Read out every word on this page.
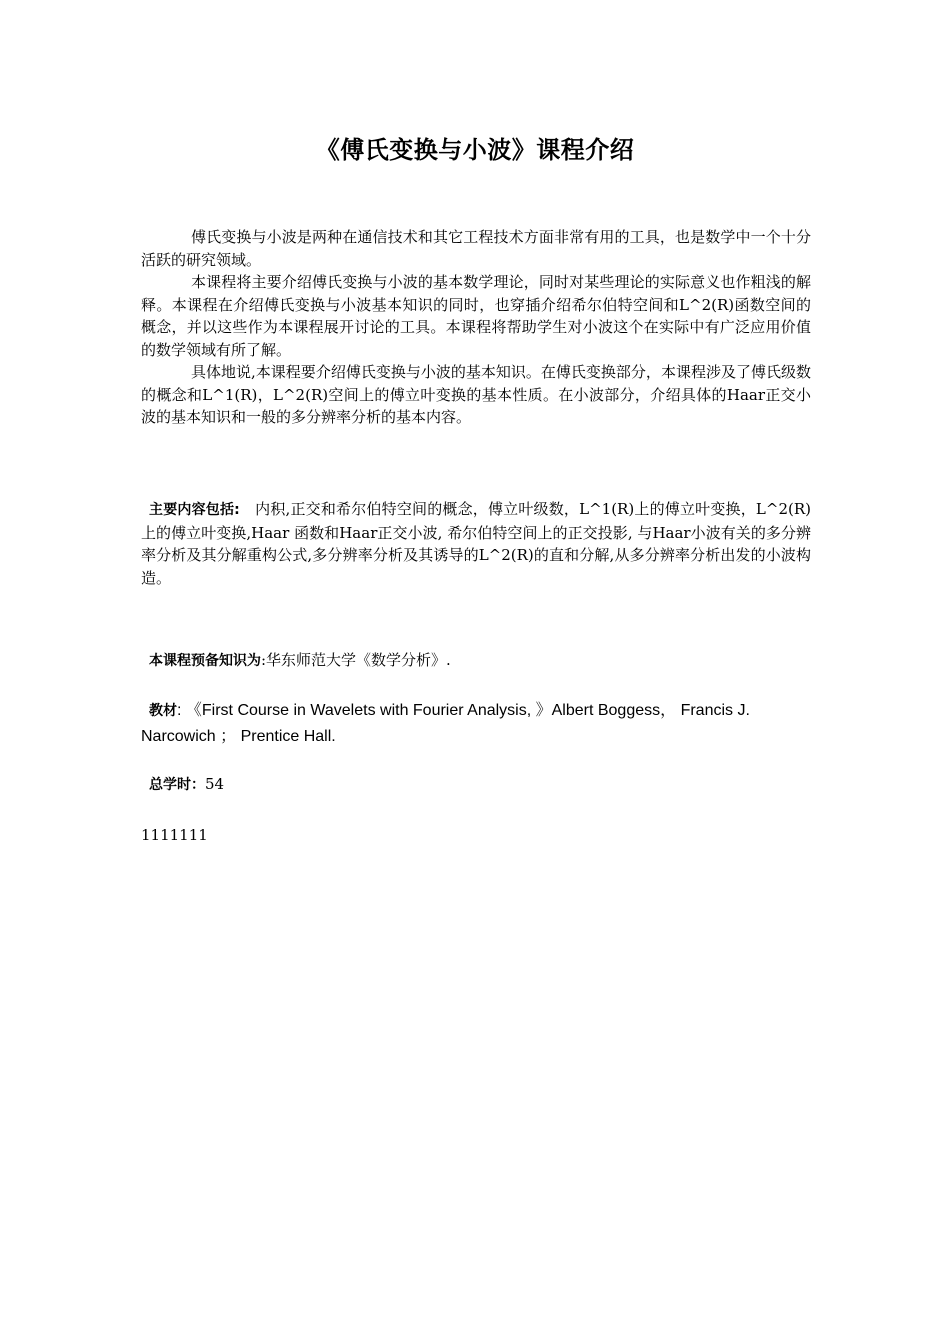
《傅氏变换与小波》课程介绍

傅氏变换与小波是两种在通信技术和其它工程技术方面非常有用的工具，也是数学中一个十分活跃的研究领域。

本课程将主要介绍傅氏变换与小波的基本数学理论，同时对某些理论的实际意义也作粗浅的解释。本课程在介绍傅氏变换与小波基本知识的同时，也穿插介绍希尔伯特空间和L^2(R)函数空间的概念，并以这些作为本课程展开讨论的工具。本课程将帮助学生对小波这个在实际中有广泛应用价值的数学领域有所了解。

具体地说,本课程要介绍傅氏变换与小波的基本知识。在傅氏变换部分，本课程涉及了傅氏级数的概念和L^1(R)，L^2(R)空间上的傅立叶变换的基本性质。在小波部分，介绍具体的Haar正交小波的基本知识和一般的多分辨率分析的基本内容。

主要内容包括:　内积,正交和希尔伯特空间的概念，傅立叶级数，L^1(R)上的傅立叶变换，L^2(R)上的傅立叶变换,Haar 函数和Haar正交小波, 希尔伯特空间上的正交投影, 与Haar小波有关的多分辨率分析及其分解重构公式,多分辨率分析及其诱导的L^2(R)的直和分解,从多分辨率分析出发的小波构造。
本课程预备知识为:华东师范大学《数学分析》.
教材: 《First Course in Wavelets with Fourier Analysis, 》Albert Boggess， Francis J. Narcowich ； Prentice Hall.
总学时：54
1111111
